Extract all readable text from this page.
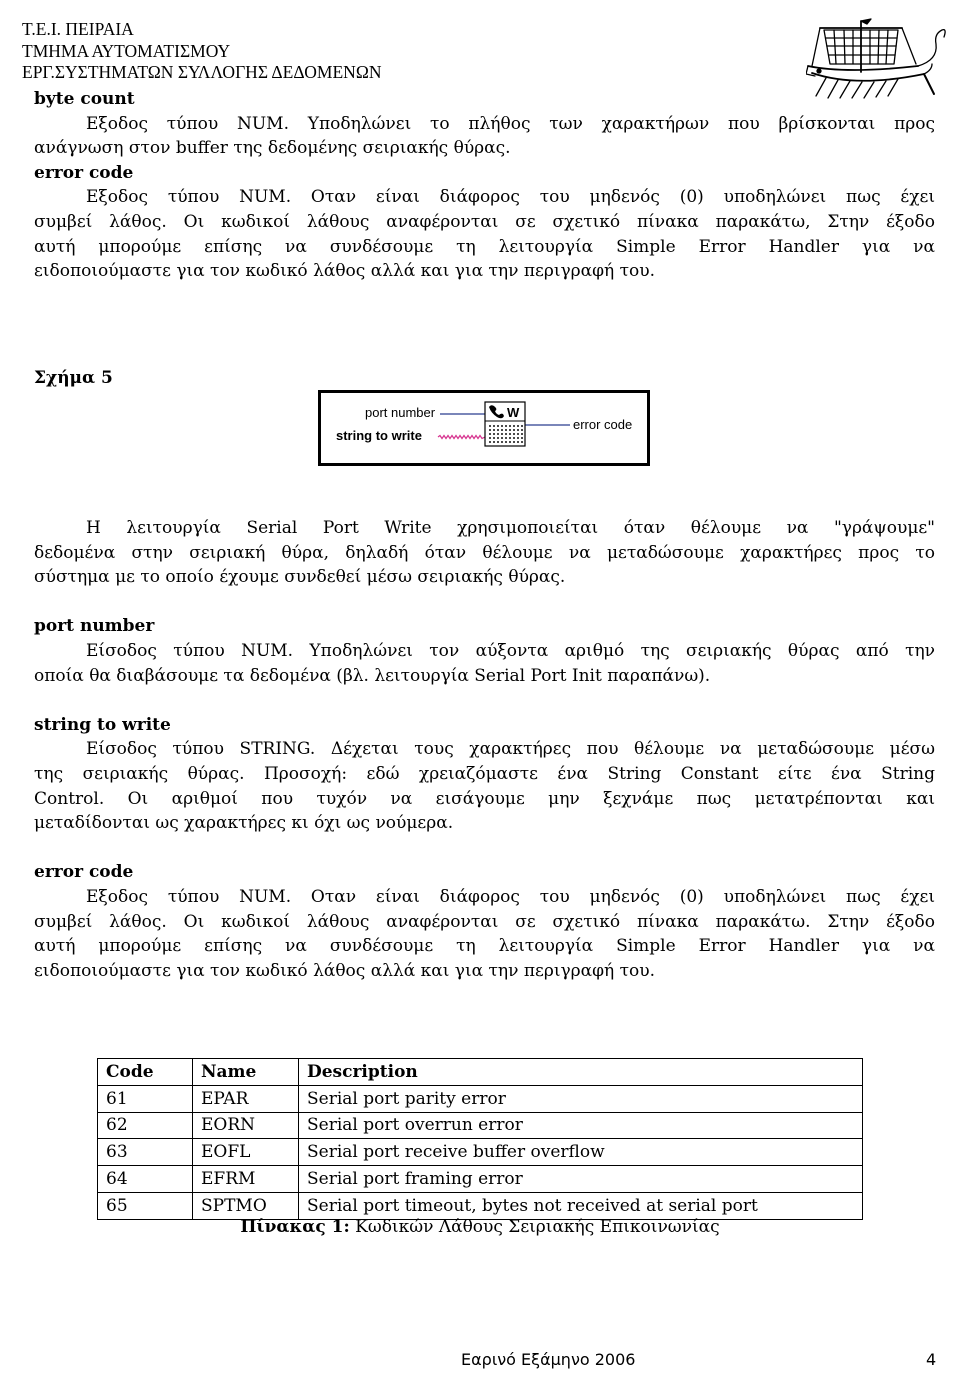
Τ.Ε.Ι. ΠΕΙΡΑΙΑ
ΤΜΗΜΑ ΑΥΤΟΜΑΤΙΣΜΟΥ
ΕΡΓ.ΣΥΣΤΗΜΑΤΩΝ ΣΥΛΛΟΓΗΣ ΔΕΔΟΜΕΝΩΝ
byte count
Εξοδος τύπου NUM. Υποδηλώνει το πλήθος των χαρακτήρων που βρίσκονται προς
ανάγνωση στον buffer της δεδομένης σειριακής θύρας.
error code
Εξοδος τύπου NUM. Οταν είναι διάφορος του μηδενός (0) υποδηλώνει πως έχει
συμβεί λάθος. Οι κωδικοί λάθους αναφέρονται σε σχετικό πίνακα παρακάτω, Στην έξοδο
αυτή μπορούμε επίσης να συνδέσουμε τη λειτουργία Simple Error Handler για να
ειδοποιούμαστε για τον κωδικό λάθος αλλά και για την περιγραφή του.
Σχήμα 5
W
port number
string to write
error code
Η λειτουργία Serial Port Write χρησιμοποιείται όταν θέλουμε να "γράψουμε"
δεδομένα στην σειριακή θύρα, δηλαδή όταν θέλουμε να μεταδώσουμε χαρακτήρες προς το
σύστημα με το οποίο έχουμε συνδεθεί μέσω σειριακής θύρας.
port number
Είσοδος τύπου NUM. Υποδηλώνει τον αύξοντα αριθμό της σειριακής θύρας από την
οποία θα διαβάσουμε τα δεδομένα (βλ. λειτουργία Serial Port Init παραπάνω).
string to write
Είσοδος τύπου STRING. Δέχεται τους χαρακτήρες που θέλουμε να μεταδώσουμε μέσω
της σειριακής θύρας. Προσοχή: εδώ χρειαζόμαστε ένα String Constant είτε ένα String
Control. Οι αριθμοί που τυχόν να εισάγουμε μην ξεχνάμε πως μετατρέπονται και
μεταδίδονται ως χαρακτήρες κι όχι ως νούμερα.
error code
Εξοδος τύπου NUM. Οταν είναι διάφορος του μηδενός (0) υποδηλώνει πως έχει
συμβεί λάθος. Οι κωδικοί λάθους αναφέρονται σε σχετικό πίνακα παρακάτω. Στην έξοδο
αυτή μπορούμε επίσης να συνδέσουμε τη λειτουργία Simple Error Handler για να
ειδοποιούμαστε για τον κωδικό λάθος αλλά και για την περιγραφή του.
Code	Name	Description
61	EPAR	Serial port parity error
62	EORN	Serial port overrun error
63	EOFL	Serial port receive buffer overflow
64	EFRM	Serial port framing error
65	SPTMO	Serial port timeout, bytes not received at serial port
Πίνακας 1: Κωδικών Λάθους Σειριακής Επικοινωνίας
Εαρινό Εξάμηνο 2006	4
